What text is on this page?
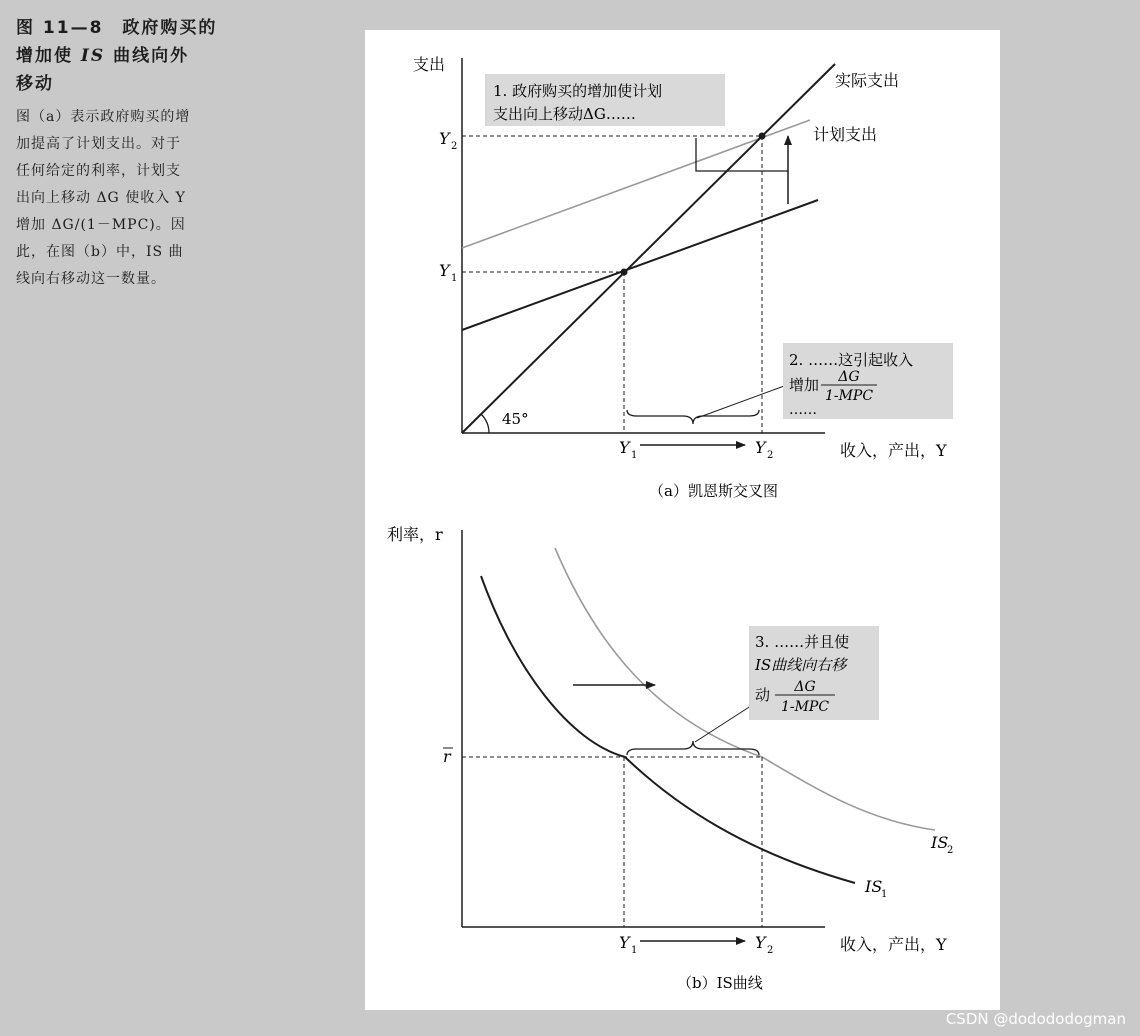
图 11—8　政府购买的
增加使 IS 曲线向外
移动
图（a）表示政府购买的增
加提高了计划支出。对于
任何给定的利率，计划支
出向上移动 ΔG 使收入 Y
增加 ΔG/(1－MPC)。因
此，在图（b）中，IS 曲
线向右移动这一数量。
支出
收入，产出，Y
45°
Y 2
Y 1
实际支出
计划支出
1. 政府购买的增加使计划
支出向上移动ΔG……
Y 1	Y 2
2. ……这引起收入
增加 ΔG
1-MPC
……
（a）凯恩斯交叉图
利率，r
收入，产出，Y
r
IS
1
IS
2
3. ……并且使
IS曲线向右移
动 ΔG
1-MPC
Y 1	Y 2
（b）IS曲线
CSDN @dodododogman
